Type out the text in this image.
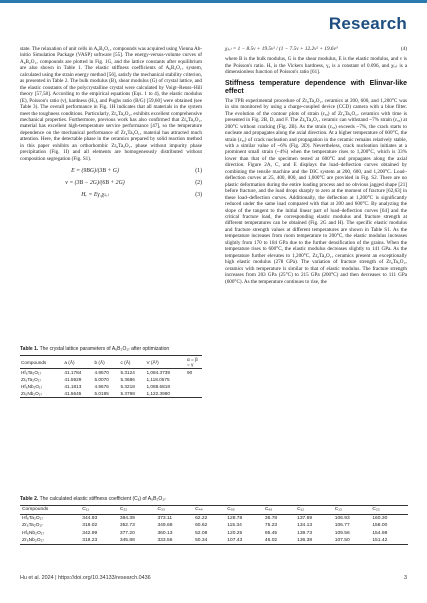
Research

state. The relaxation of unit cells in A₆B₂O₁₇ compounds was acquired using Vienna Ab-initio Simulation Package (VASP) software [55]. The energy-versus-volume curves of A₆B₂O₁₇ compounds are plotted in Fig. 1G, and the lattice constants after equilibrium are also shown in Table 1. The elastic stiffness coefficients of A₆B₂O₁₇ system, calculated using the strain energy method [56], satisfy the mechanical stability criterion, as presented in Table 2. The bulk modulus (B), shear modulus (G) of crystal lattice, and the elastic constants of the polycrystalline crystal were calculated by Voigt–Reuss–Hill theory [57,58]. According to the empirical equations (Eqs. 1 to 4), the elastic modulus (E), Poisson's ratio (ν), hardness (Hᵥ), and Pughs ratio (B/G) [59,60] were obtained (see Table 3). The overall performance in Fig. 1H indicates that all materials in the system meet the toughness conditions. Particularly, Zr₆Ta₂O₁₇ exhibits excellent comprehensive mechanical properties. Furthermore, previous work has also confirmed that Zr₆Ta₂O₁₇ material has excellent high-temperature service performance [47], so the temperature dependence on the mechanical performance of Zr₆Ta₂O₁₇ material has attracted much attention. Here, the detectable phase in the ceramics prepared by solid reaction method in this paper exhibits an orthorhombic Zr₆Ta₂O₁₇ phase without impurity phase precipitation (Fig. 1I) and all elements are homogeneously distributed without composition segregation (Fig. S1).

E = (9BG)/(3B + G)	(1)
ν = (3B − 2G)/(6B + 2G)	(2)
Hᵥ = Eγ₃χ₍ᵥ₎	(3)

Table 1. The crystal lattice parameters of A₆B₂O₁₇ after optimization

Compounds	a (Å)	b (Å)	c (Å)	V (Å³)	α = β = γ
Hf₆Ta₂O₁₇	41.1784	4.9570	5.3124	1,084.3739	90
Zr₆Ta₂O₁₇	41.5929	5.0070	5.3686	1,118.0575	
Hf₆Nb₂O₁₇	41.1813	4.9676	5.3218	1,088.6818	
Zr₆Nb₂O₁₇	41.5645	5.0195	5.3798	1,122.3980	
χ₍ᵥ₎ = 1 − 8.5ν + 19.5ν² / (1 − 7.5ν + 12.2ν² + 19.6ν³	(4)

where B is the bulk modulus, G is the shear modulus, E is the elastic modulus, and ν is the Poisson's ratio. Hᵥ is the Vickers hardness, γ₃ is a constant of 0.096, and χ₍ᵥ₎ is a dimensionless function of Poisson's ratio [61].

Stiffness temperature dependence with Elinvar-like effect

The TPB experimental procedure of Zr₆Ta₂O₁₇ ceramics at 200, 600, and 1,200°C was in situ monitored by using a charge-coupled device (CCD) camera with a blue filter. The evolution of the contour plots of strain (εₓₓ) of Zr₆Ta₂O₁₇ ceramics with time is presented in Fig. 2B, D, and F. The Zr₆Ta₂O₁₇ ceramic can withstand ~7% strain (εₓₓ) at 200°C without cracking (Fig. 2B). As the strain (εₓₓ) exceeds ~7%, the crack starts to nucleate and propagates along the axial direction. At a higher temperature of 600°C, the strain (εₓₓ) of crack nucleation and propagation in the ceramic remains relatively stable, with a similar value of ~6% (Fig. 2D). Nevertheless, crack nucleation initiates at a prominent small strain (~4%) when the temperature rises to 1,200°C, which is 33% lower than that of the specimen tested at 600°C and propagates along the axial direction. Figure 2A, C, and E displays the load–deflection curves obtained by combining the tensile machine and the DIC system at 200, 600, and 1,200°C. Load–deflection curves at 25, 400, 800, and 1,000°C are provided in Fig. S2. There are no plastic deformation during the entire loading process and no obvious jagged shape [21] before fracture, and the load drops sharply to zero at the moment of fracture [62,63] in these load–deflection curves. Additionally, the deflection at 1,200°C is significantly reduced under the same load compared with that at 200 and 600°C. By analyzing the slope of the tangent to the initial linear part of load–deflection curves [64] and the critical fracture load, the corresponding elastic modulus and fracture strength at different temperatures can be obtained (Fig. 2G and H). The specific elastic modulus and fracture strength values at different temperatures are shown in Table S1. As the temperature increases from room temperature to 200°C, the elastic modulus increases slightly from 170 to 184 GPa due to the further densification of the grains. When the temperature rises to 600°C, the elastic modulus decreases slightly to 141 GPa. As the temperature further elevates to 1,200°C, Zr₆Ta₂O₁₇ ceramics present an exceptionally high elastic modulus (278 GPa). The variation of fracture strength of Zr₆Ta₂O₁₇ ceramics with temperature is similar to that of elastic modulus. The fracture strength increases from 203 GPa (25°C) to 215 GPa (200°C) and then decreases to 111 GPa (600°C). As the temperature continues to rise, the

Table 2. The calculated elastic stiffness coefficient (Cᵢⱼ) of A₆B₂O₁₇

Compounds	C₁₁	C₂₂	C₃₃	C₄₄	C₅₅	C₆₆	C₁₂	C₁₃	C₂₃
Hf₆Ta₂O₁₇	344.93	384.39	373.11	62.22	128.78	36.78	137.69	106.93	160.30
Zr₆Ta₂O₁₇	318.02	352.73	349.68	60.62	115.34	75.23	134.13	106.77	158.00
Hf₆Nb₂O₁₇	342.99	377.20	360.13	52.08	120.25	95.45	139.73	109.56	154.98
Zr₆Nb₂O₁₇	318.23	345.88	333.56	50.34	107.43	46.02	136.38	107.50	151.42
Hu et al. 2024 | https://doi.org/10.34133/research.0436	3
